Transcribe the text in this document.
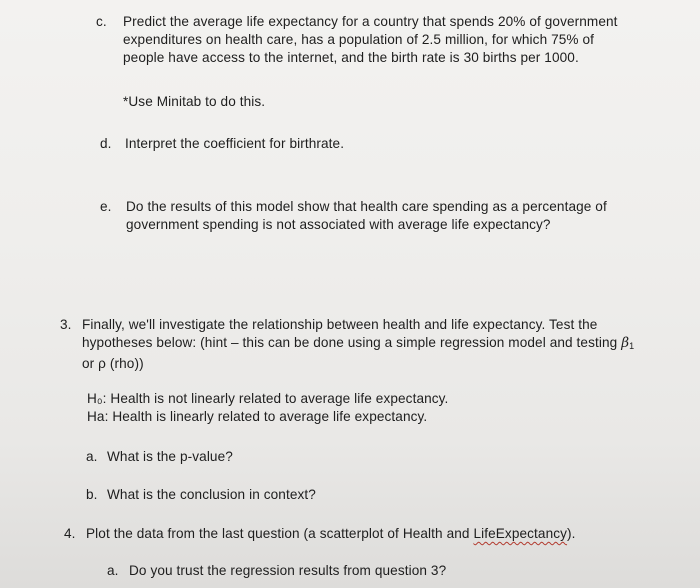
c. Predict the average life expectancy for a country that spends 20% of government
expenditures on health care, has a population of 2.5 million, for which 75% of
people have access to the internet, and the birth rate is 30 births per 1000.
*Use Minitab to do this.
d. Interpret the coefficient for birthrate.
e. Do the results of this model show that health care spending as a percentage of
government spending is not associated with average life expectancy?
3. Finally, we'll investigate the relationship between health and life expectancy. Test the
hypotheses below: (hint – this can be done using a simple regression model and testing $\beta_1$
or ρ (rho))
H₀: Health is not linearly related to average life expectancy.
Ha: Health is linearly related to average life expectancy.
a. What is the p-value?
b. What is the conclusion in context?
4. Plot the data from the last question (a scatterplot of Health and LifeExpectancy).
a. Do you trust the regression results from question 3?
